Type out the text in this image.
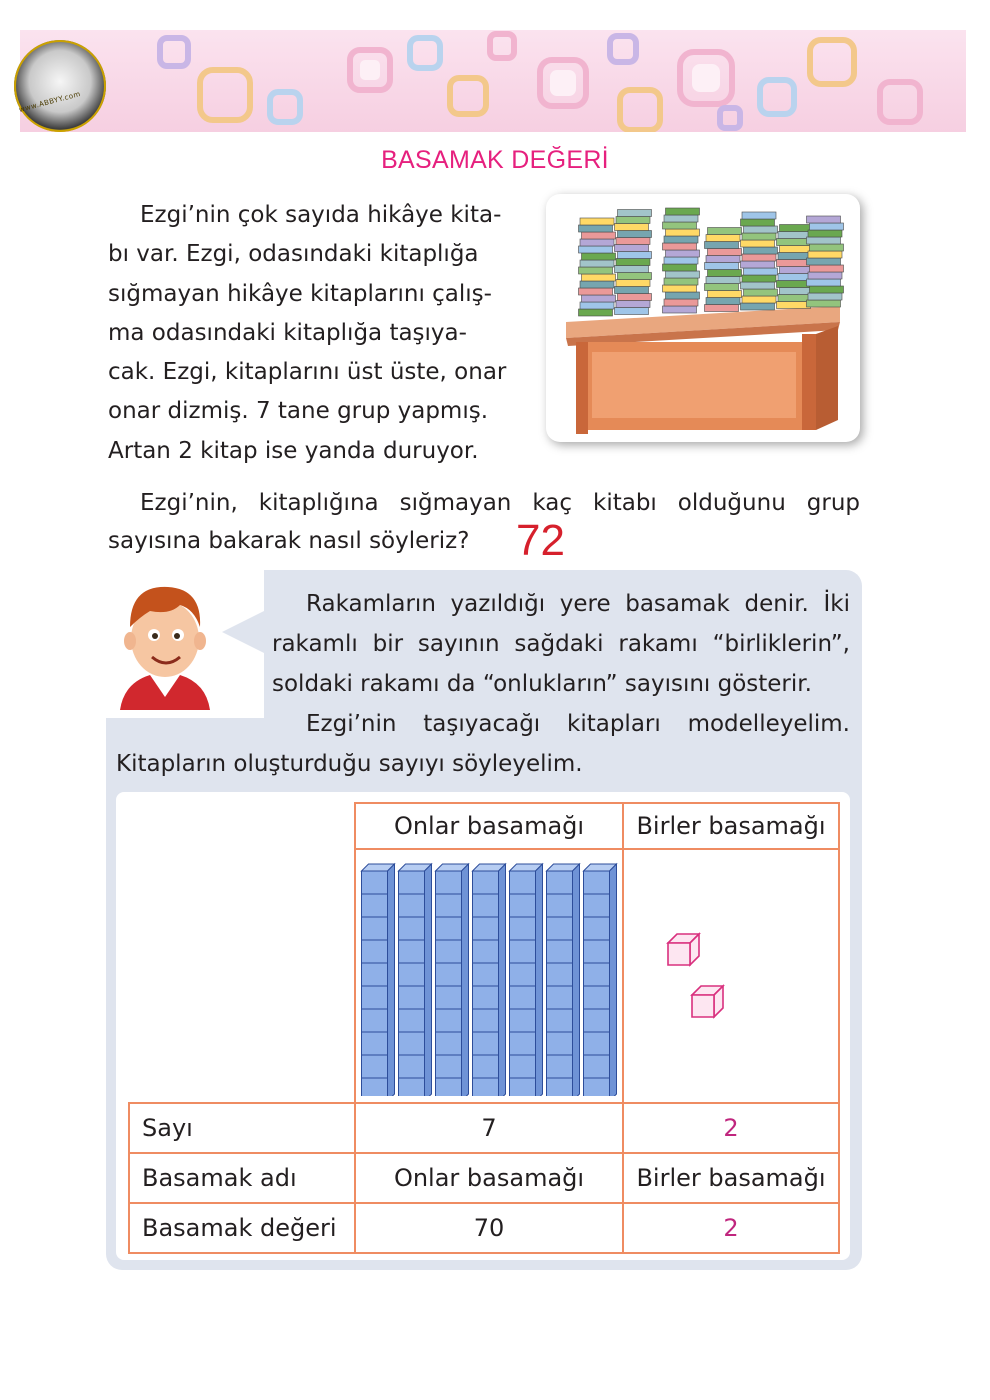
www.ABBYY.com
BASAMAK DEĞERİ
Ezgi’nin çok sayıda hikâye kita-
bı var. Ezgi, odasındaki kitaplığa
sığmayan hikâye kitaplarını çalış-
ma odasındaki kitaplığa taşıya-
cak. Ezgi, kitaplarını üst üste, onar
onar dizmiş. 7 tane grup yapmış.
Artan 2 kitap ise yanda duruyor.
Ezgi’nin, kitaplığına sığmayan kaç kitabı olduğunu grup sayısına bakarak nasıl söyleriz?	72
Rakamların yazıldığı yere basamak denir. İki rakamlı bir sayının sağdaki rakamı “birliklerin”, soldaki rakamı da “onlukların” sayısını gösterir.
Ezgi’nin taşıyacağı kitapları modelleyelim. Kitapların oluşturduğu sayıyı söyleyelim.
	Onlar basamağı	Birler basamağı

Sayı	7	2
Basamak adı	Onlar basamağı	Birler basamağı
Basamak değeri	70	2
